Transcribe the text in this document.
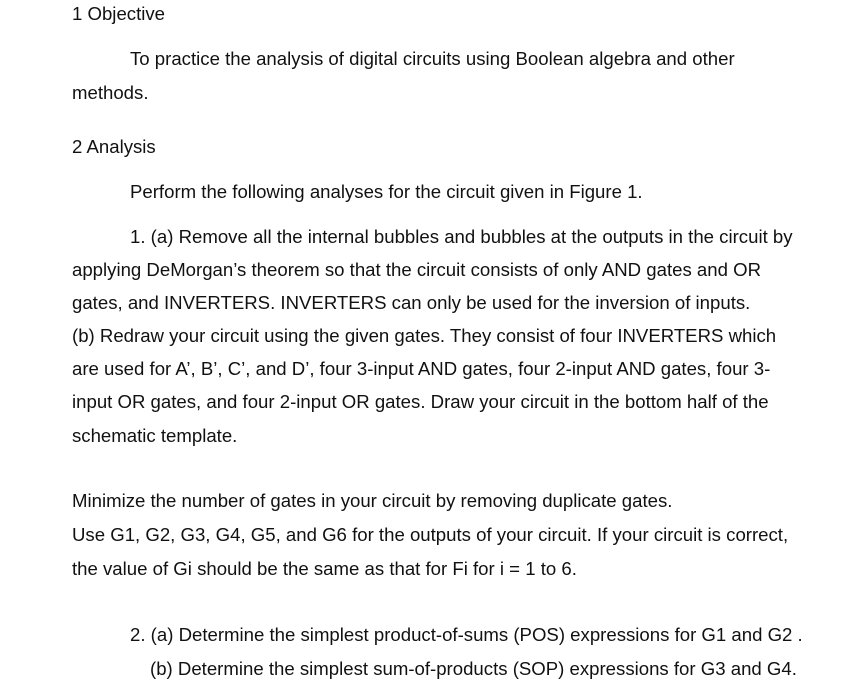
1 Objective
To practice the analysis of digital circuits using Boolean algebra and other
methods.
2 Analysis
Perform the following analyses for the circuit given in Figure 1.
1. (a) Remove all the internal bubbles and bubbles at the outputs in the circuit by
applying DeMorgan’s theorem so that the circuit consists of only AND gates and OR
gates, and INVERTERS. INVERTERS can only be used for the inversion of inputs.
(b) Redraw your circuit using the given gates. They consist of four INVERTERS which
are used for A’, B’, C’, and D’, four 3-input AND gates, four 2-input AND gates, four 3-
input OR gates, and four 2-input OR gates. Draw your circuit in the bottom half of the
schematic template.
Minimize the number of gates in your circuit by removing duplicate gates.
Use G1, G2, G3, G4, G5, and G6 for the outputs of your circuit. If your circuit is correct,
the value of Gi should be the same as that for Fi for i = 1 to 6.
2. (a) Determine the simplest product-of-sums (POS) expressions for G1 and G2 .
(b) Determine the simplest sum-of-products (SOP) expressions for G3 and G4.
